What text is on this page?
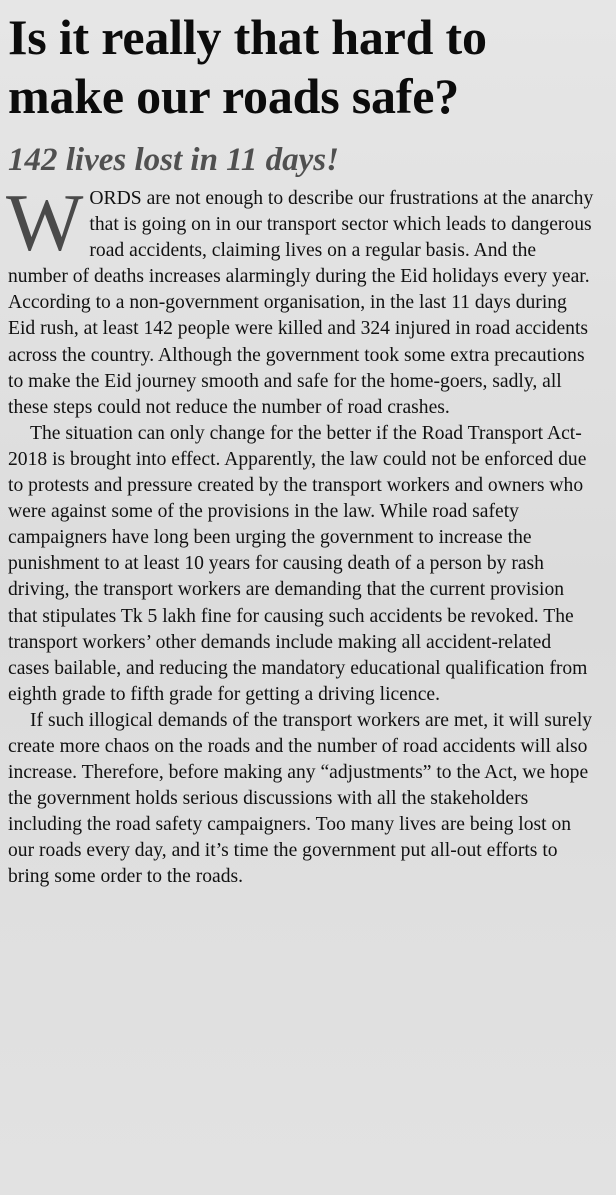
Is it really that hard to make our roads safe?
142 lives lost in 11 days!

WORDS are not enough to describe our frustrations at the anarchy that is going on in our transport sector which leads to dangerous road accidents, claiming lives on a regular basis. And the number of deaths increases alarmingly during the Eid holidays every year. According to a non-government organisation, in the last 11 days during Eid rush, at least 142 people were killed and 324 injured in road accidents across the country. Although the government took some extra precautions to make the Eid journey smooth and safe for the home-goers, sadly, all these steps could not reduce the number of road crashes.

The situation can only change for the better if the Road Transport Act-2018 is brought into effect. Apparently, the law could not be enforced due to protests and pressure created by the transport workers and owners who were against some of the provisions in the law. While road safety campaigners have long been urging the government to increase the punishment to at least 10 years for causing death of a person by rash driving, the transport workers are demanding that the current provision that stipulates Tk 5 lakh fine for causing such accidents be revoked. The transport workers’ other demands include making all accident-related cases bailable, and reducing the mandatory educational qualification from eighth grade to fifth grade for getting a driving licence.

If such illogical demands of the transport workers are met, it will surely create more chaos on the roads and the number of road accidents will also increase. Therefore, before making any “adjustments” to the Act, we hope the government holds serious discussions with all the stakeholders including the road safety campaigners. Too many lives are being lost on our roads every day, and it’s time the government put all-out efforts to bring some order to the roads.
